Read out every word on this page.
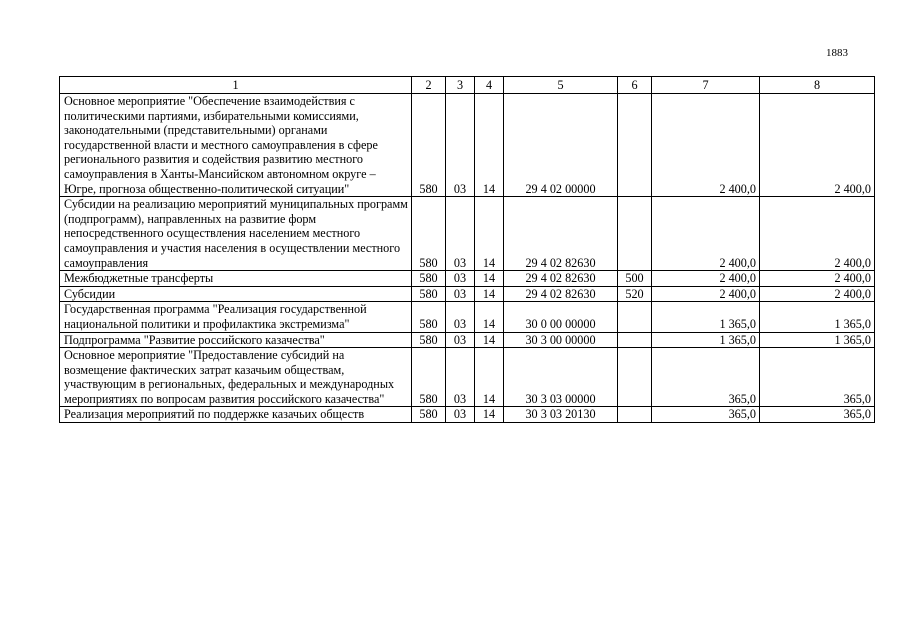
1883
1	2	3	4	5	6	7	8
Основное мероприятие "Обеспечение взаимодействия с политическими партиями, избирательными комиссиями, законодательными (представительными) органами государственной власти и местного самоуправления в сфере регионального развития и содействия развитию местного самоуправления в Ханты-Мансийском автономном округе – Югре, прогноза общественно-политической ситуации"	580	03	14	29 4 02 00000		2 400,0	2 400,0
Субсидии на реализацию мероприятий муниципальных программ (подпрограмм), направленных на развитие форм непосредственного осуществления населением местного самоуправления и участия населения в осуществлении местного самоуправления	580	03	14	29 4 02 82630		2 400,0	2 400,0
Межбюджетные трансферты	580	03	14	29 4 02 82630	500	2 400,0	2 400,0
Субсидии	580	03	14	29 4 02 82630	520	2 400,0	2 400,0
Государственная программа "Реализация государственной национальной политики и профилактика экстремизма"	580	03	14	30 0 00 00000		1 365,0	1 365,0
Подпрограмма "Развитие российского казачества"	580	03	14	30 3 00 00000		1 365,0	1 365,0
Основное мероприятие "Предоставление субсидий на возмещение фактических затрат казачьим обществам, участвующим в региональных, федеральных и международных мероприятиях по вопросам развития российского казачества"	580	03	14	30 3 03 00000		365,0	365,0
Реализация мероприятий по поддержке казачьих обществ	580	03	14	30 3 03 20130		365,0	365,0
